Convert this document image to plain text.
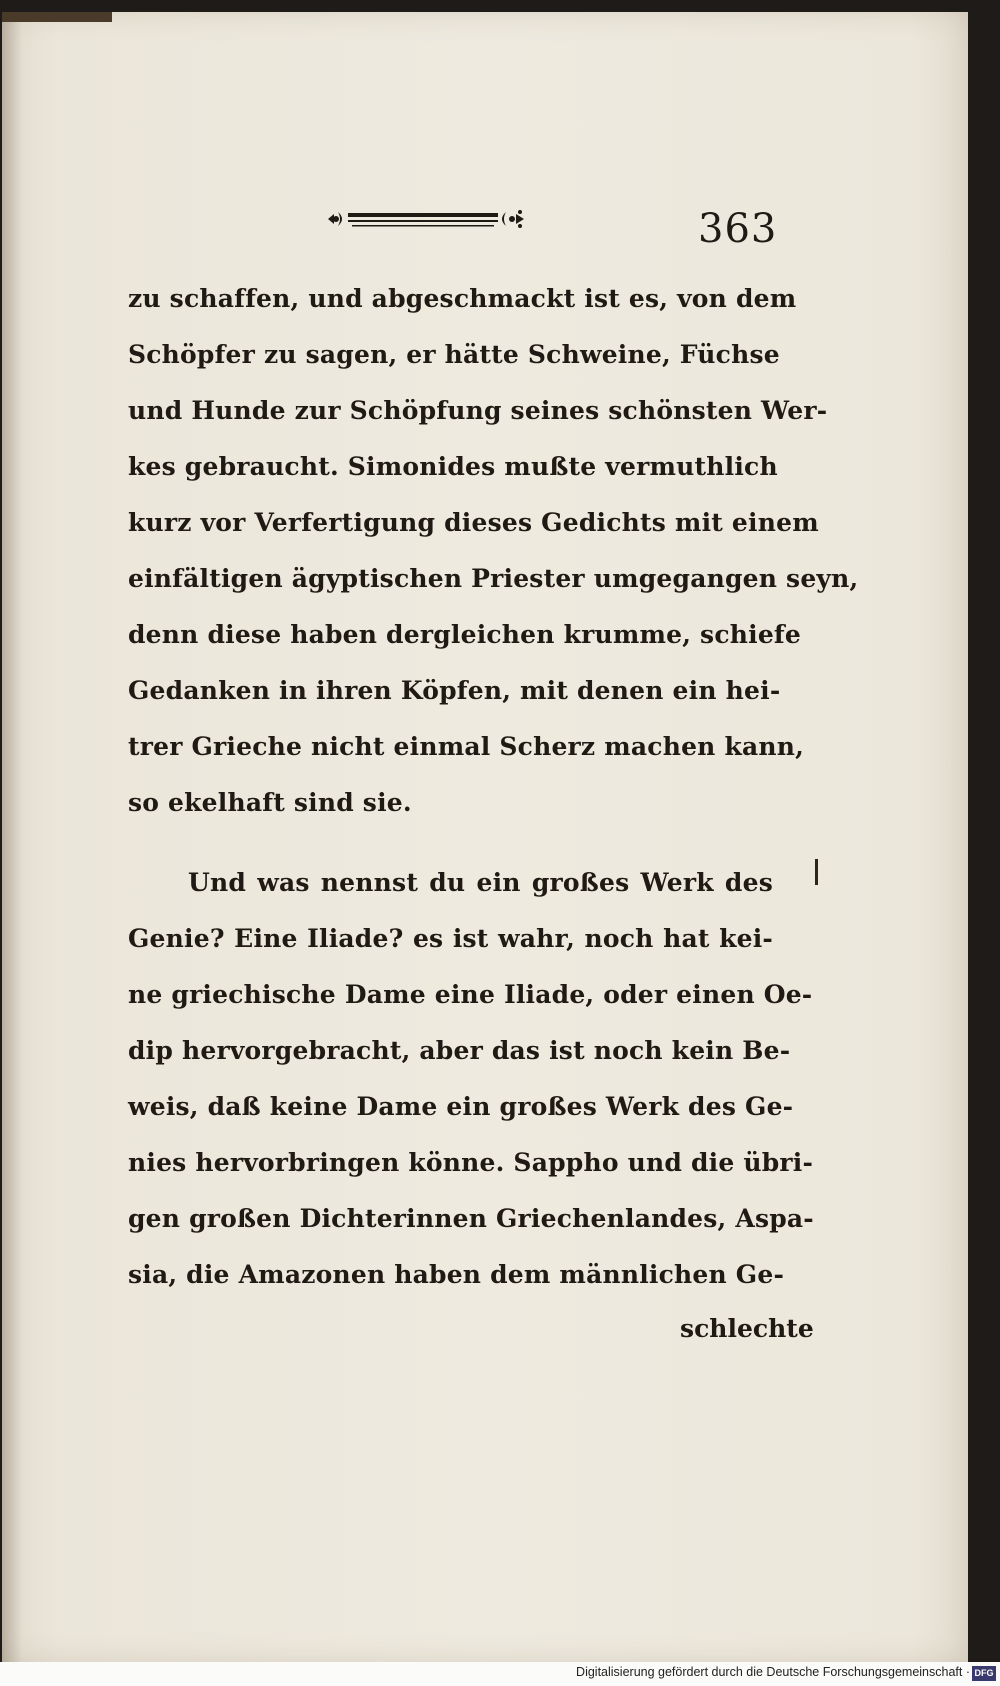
363
zu schaffen, und abgeschmackt ist es, von dem
Schöpfer zu sagen, er hätte Schweine, Füchse
und Hunde zur Schöpfung seines schönsten Wer-
kes gebraucht. Simonides mußte vermuthlich
kurz vor Verfertigung dieses Gedichts mit einem
einfältigen ägyptischen Priester umgegangen seyn,
denn diese haben dergleichen krumme, schiefe
Gedanken in ihren Köpfen, mit denen ein hei-
trer Grieche nicht einmal Scherz machen kann,
so ekelhaft sind sie.
Und was nennst du ein großes Werk des
Genie? Eine Iliade? es ist wahr, noch hat kei-
ne griechische Dame eine Iliade, oder einen Oe-
dip hervorgebracht, aber das ist noch kein Be-
weis, daß keine Dame ein großes Werk des Ge-
nies hervorbringen könne. Sappho und die übri-
gen großen Dichterinnen Griechenlandes, Aspa-
sia, die Amazonen haben dem männlichen Ge-
schlechte
Digitalisierung gefördert durch die Deutsche Forschungsgemeinschaft · DFG
